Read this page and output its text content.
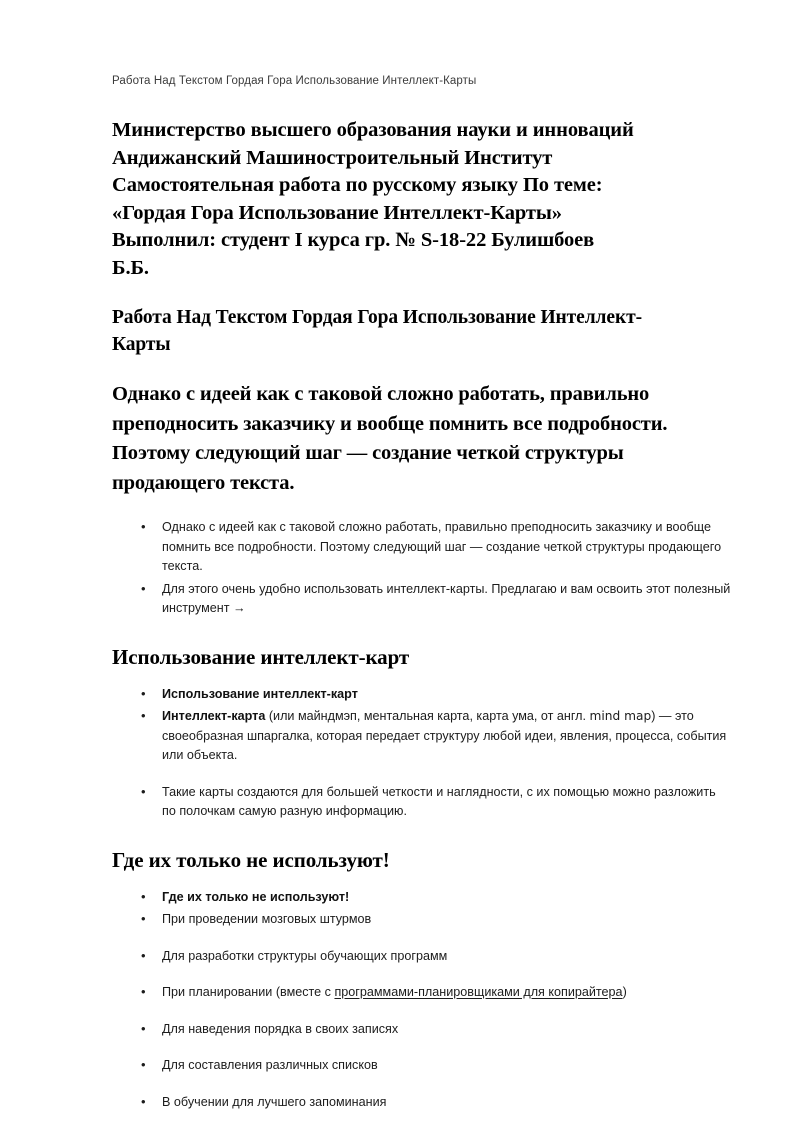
Работа Над Текстом Гордая Гора Использование Интеллект-Карты
Министерство высшего образования науки и инноваций
Андижанский Машиностроительный Институт
Самостоятельная работа по русскому языку По теме:
«Гордая Гора Использование Интеллект-Карты»
Выполнил: студент I курса гр. № S-18-22 Булишбоев
Б.Б.
Работа Над Текстом Гордая Гора Использование Интеллект-Карты

Однако с идеей как с таковой сложно работать, правильно преподносить заказчику и вообще помнить все подробности. Поэтому следующий шаг — создание четкой структуры продающего текста.

• Однако с идеей как с таковой сложно работать, правильно преподносить заказчику и вообще помнить все подробности. Поэтому следующий шаг — создание четкой структуры продающего текста.
• Для этого очень удобно использовать интеллект-карты. Предлагаю и вам освоить этот полезный инструмент →
Использование интеллект-карт
• Использование интеллект-карт
• Интеллект-карта (или майндмэп, ментальная карта, карта ума, от англ. mind map) — это своеобразная шпаргалка, которая передает структуру любой идеи, явления, процесса, события или объекта.
• Такие карты создаются для большей четкости и наглядности, с их помощью можно разложить по полочкам самую разную информацию.
Где их только не используют!
• Где их только не используют!
• При проведении мозговых штурмов
• Для разработки структуры обучающих программ
• При планировании (вместе с программами-планировщиками для копирайтера)
• Для наведения порядка в своих записях
• Для составления различных списков
• В обучении для лучшего запоминания
